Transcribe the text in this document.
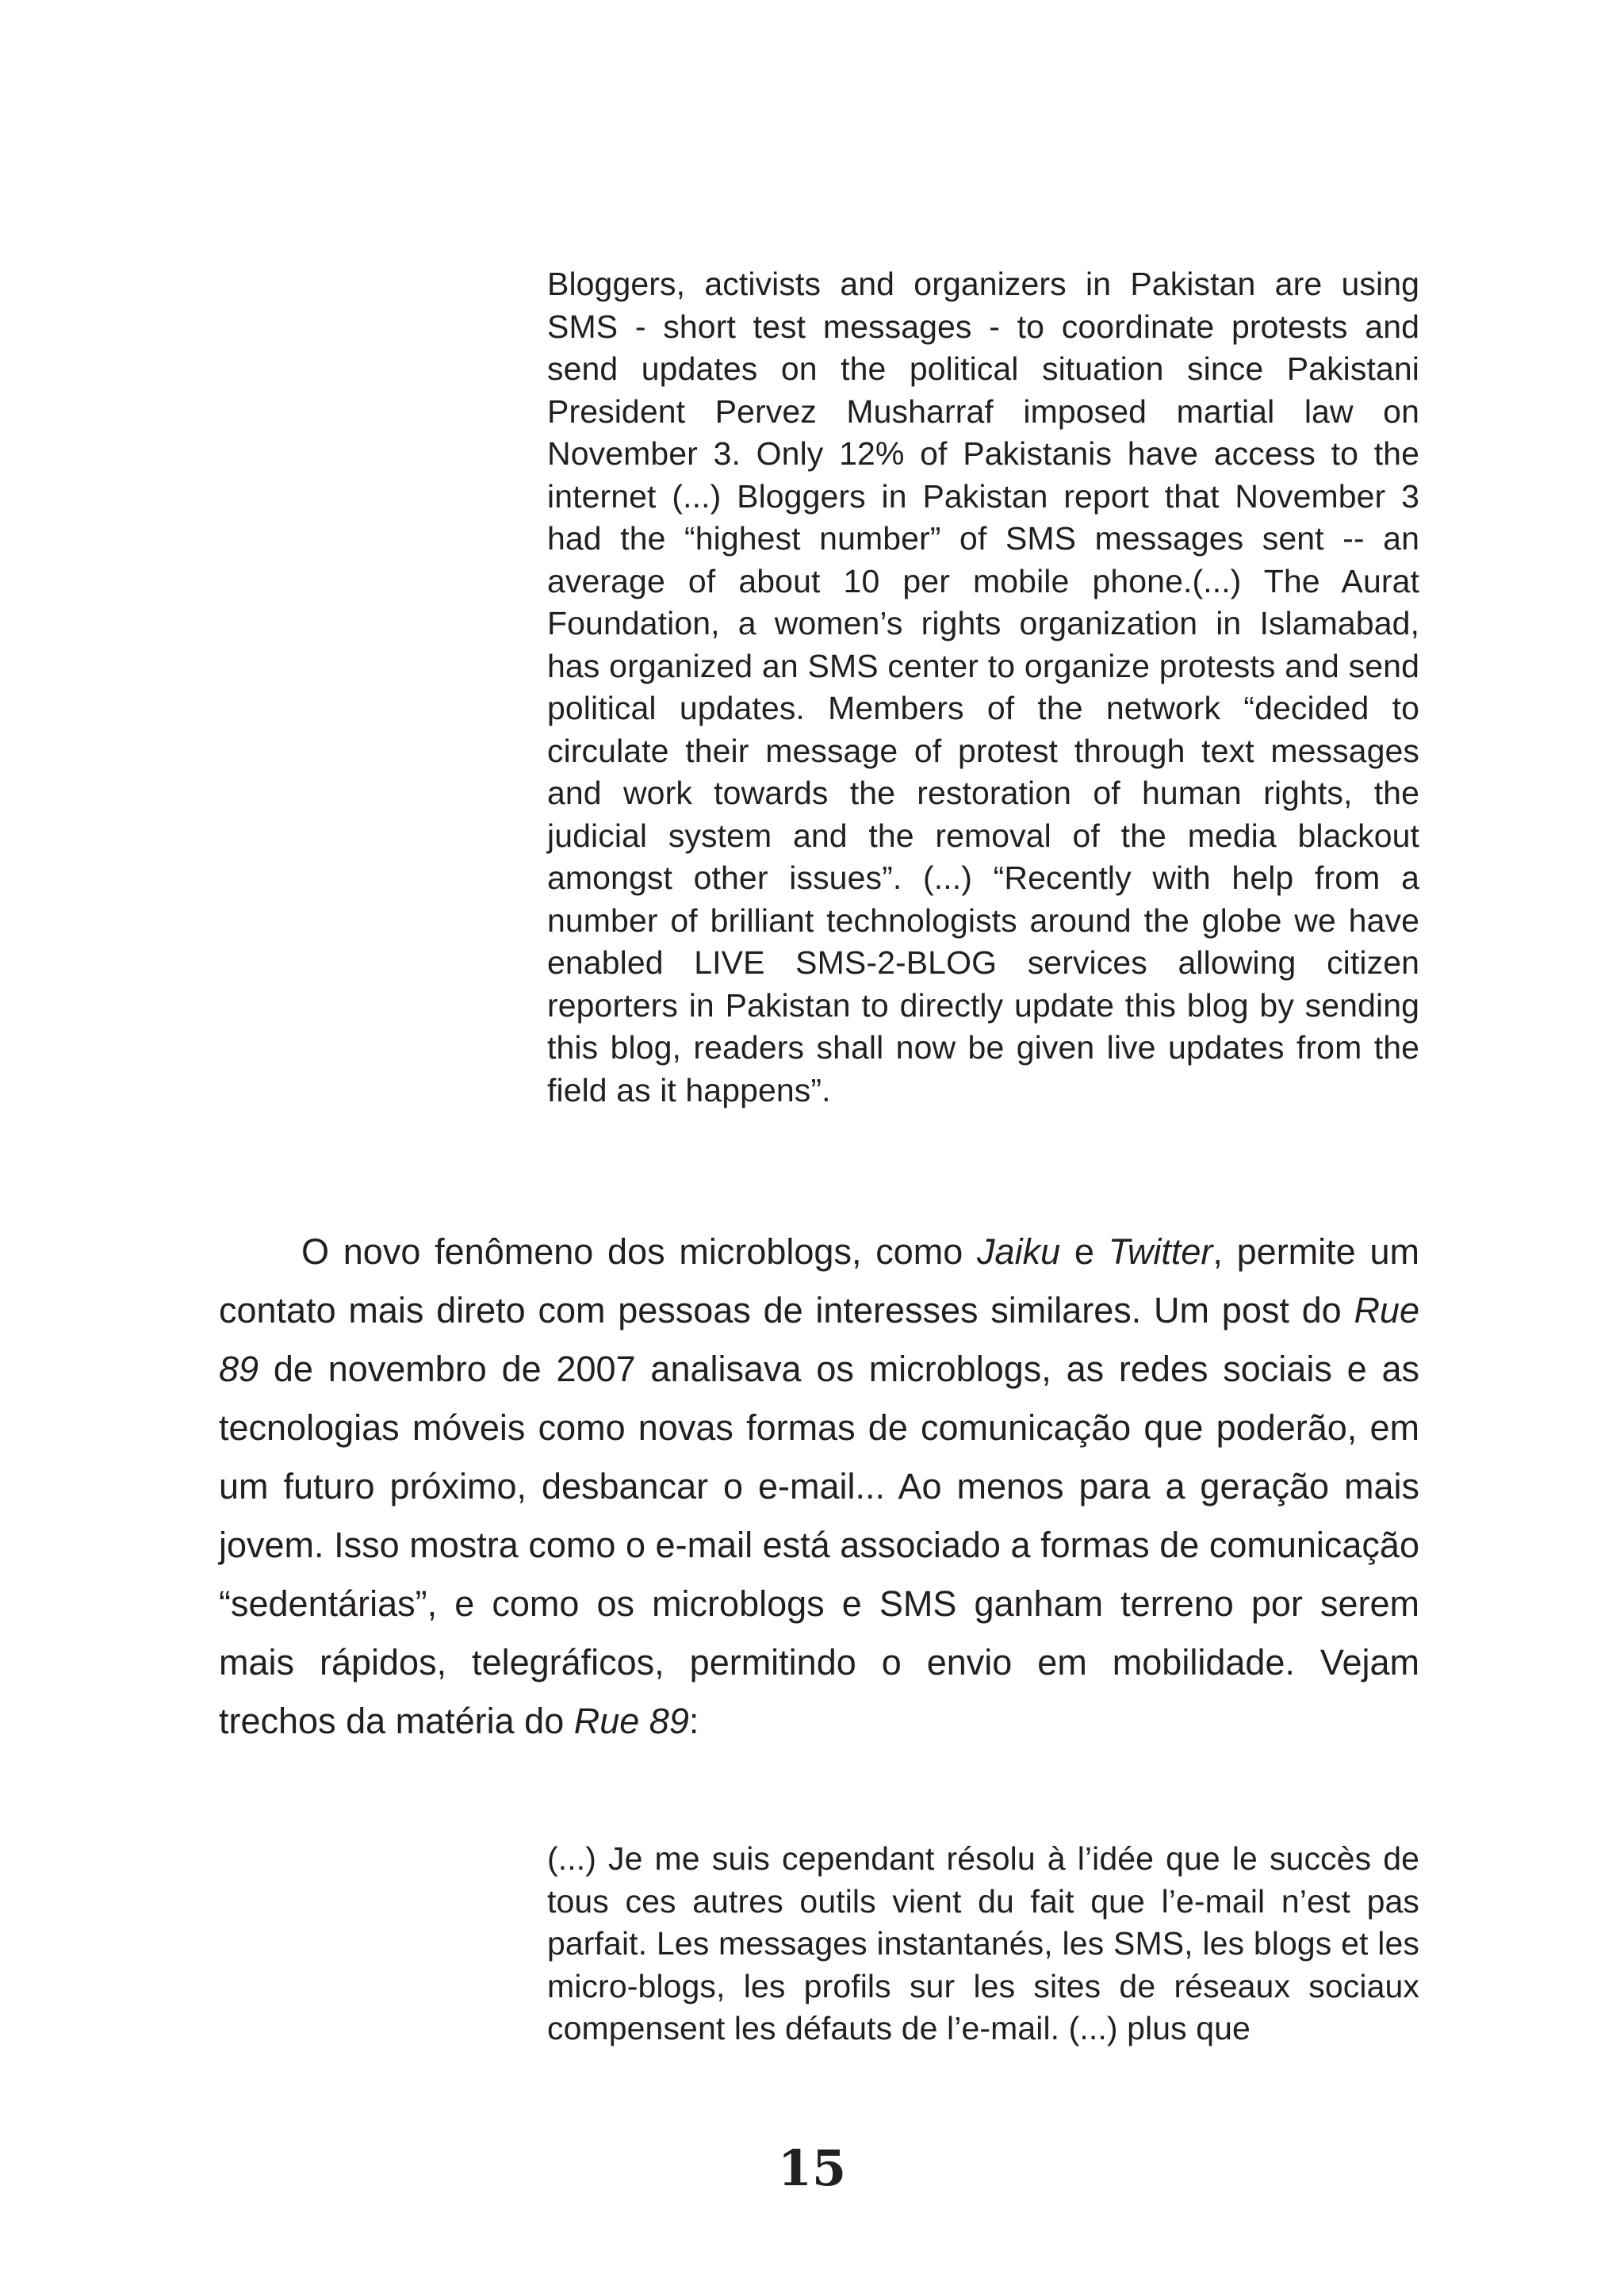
Bloggers, activists and organizers in Pakistan are using SMS - short test messages - to coordinate protests and send updates on the political situation since Pakistani President Pervez Musharraf imposed martial law on November 3. Only 12% of Pakistanis have access to the internet (...) Bloggers in Pakistan report that November 3 had the “highest number” of SMS messages sent -- an average of about 10 per mobile phone.(...) The Aurat Foundation, a women’s rights organization in Islamabad, has organized an SMS center to organize protests and send political updates. Members of the network “decided to circulate their message of protest through text messages and work towards the restoration of human rights, the judicial system and the removal of the media blackout amongst other issues”. (...) “Recently with help from a number of brilliant technologists around the globe we have enabled LIVE SMS-2-BLOG services allowing citizen reporters in Pakistan to directly update this blog by sending this blog, readers shall now be given live updates from the field as it happens”.

O novo fenômeno dos microblogs, como Jaiku e Twitter, permite um contato mais direto com pessoas de interesses similares. Um post do Rue 89 de novembro de 2007 analisava os microblogs, as redes sociais e as tecnologias móveis como novas formas de comunicação que poderão, em um futuro próximo, desbancar o e-mail... Ao menos para a geração mais jovem. Isso mostra como o e-mail está associado a formas de comunicação “sedentárias”, e como os microblogs e SMS ganham terreno por serem mais rápidos, telegráficos, permitindo o envio em mobilidade. Vejam trechos da matéria do Rue 89:

(...) Je me suis cependant résolu à l’idée que le succès de tous ces autres outils vient du fait que l’e-mail n’est pas parfait. Les messages instantanés, les SMS, les blogs et les micro-blogs, les profils sur les sites de réseaux sociaux compensent les défauts de l’e-mail. (...) plus que

15
